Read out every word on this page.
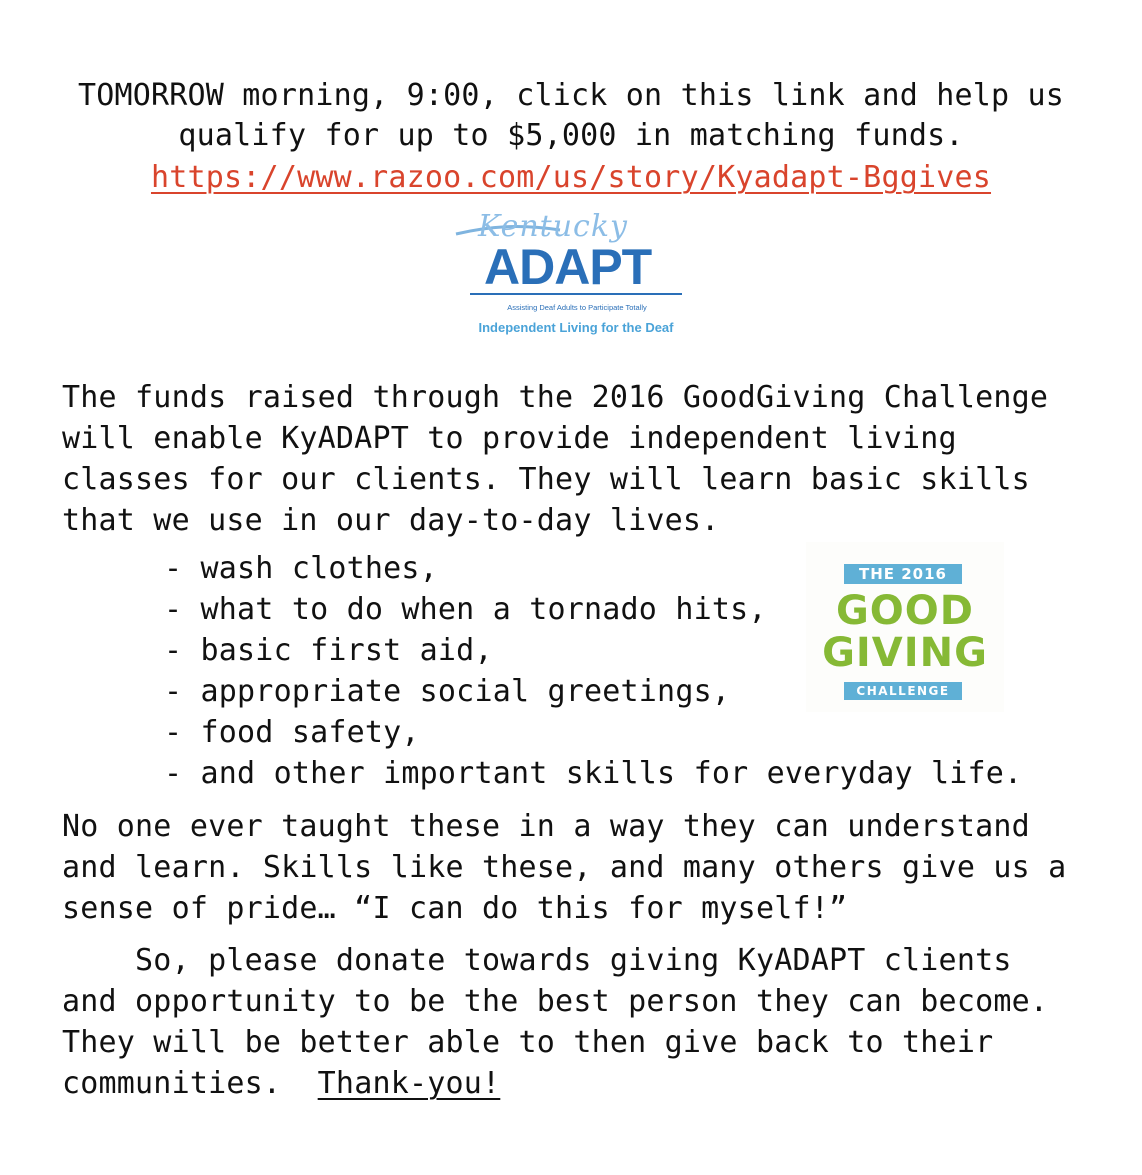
TOMORROW morning, 9:00, click on this link and help us
qualify for up to $5,000 in matching funds.
https://www.razoo.com/us/story/Kyadapt-Bggives
Kentucky
ADAPT
Assisting Deaf Adults to Participate Totally
Independent Living for the Deaf
The funds raised through the 2016 GoodGiving Challenge
will enable KyADAPT to provide independent living
classes for our clients. They will learn basic skills
that we use in our day-to-day lives.
- wash clothes,
- what to do when a tornado hits,
- basic first aid,
- appropriate social greetings,
- food safety,
- and other important skills for everyday life.
THE 2016
GOOD
GIVING
CHALLENGE
No one ever taught these in a way they can understand
and learn. Skills like these, and many others give us a
sense of pride… “I can do this for myself!”
So, please donate towards giving KyADAPT clients
and opportunity to be the best person they can become.
They will be better able to then give back to their
communities.  Thank-you!
